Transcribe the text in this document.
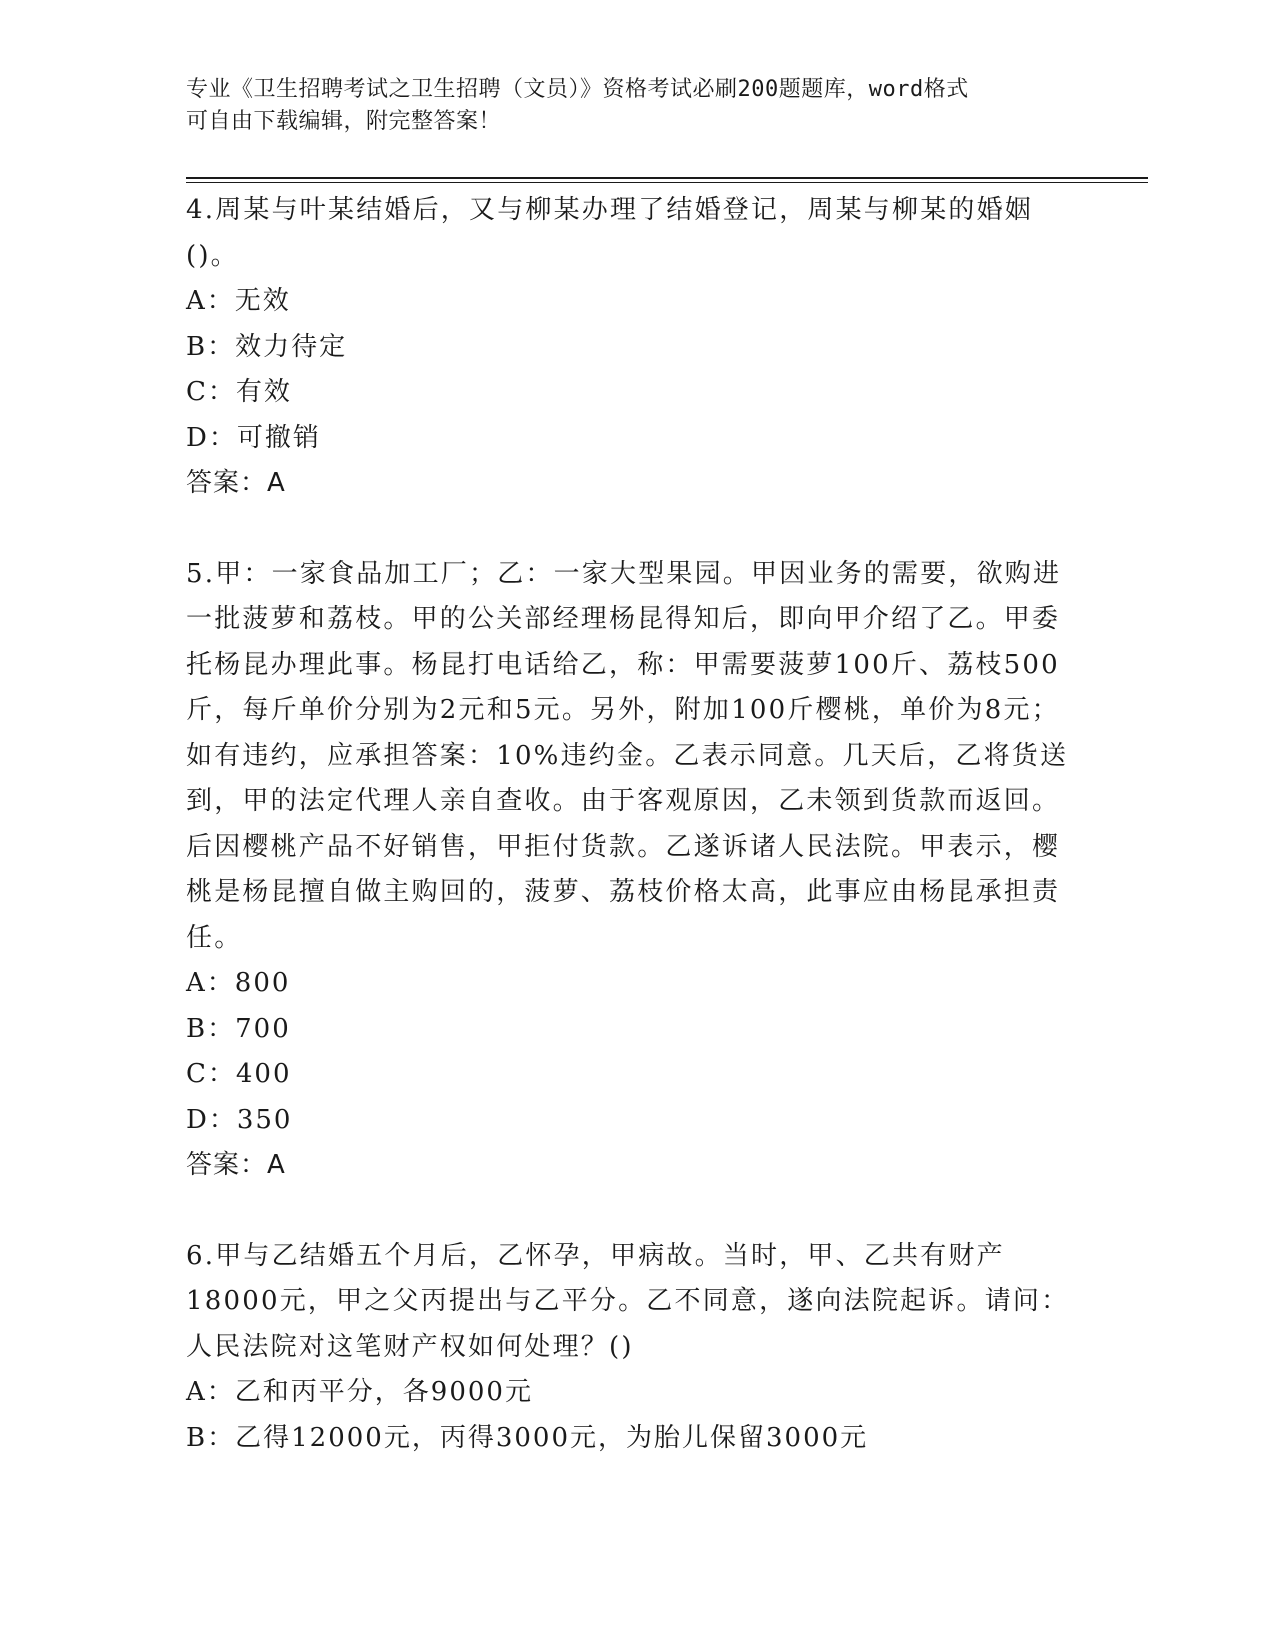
专业《卫生招聘考试之卫生招聘（文员）》资格考试必刷200题题库，word格式
可自由下载编辑，附完整答案！

4.周某与叶某结婚后，又与柳某办理了结婚登记，周某与柳某的婚姻()。

A：无效

B：效力待定

C：有效

D：可撤销

答案：A

5.甲：一家食品加工厂；乙：一家大型果园。甲因业务的需要，欲购进一批菠萝和荔枝。甲的公关部经理杨昆得知后，即向甲介绍了乙。甲委托杨昆办理此事。杨昆打电话给乙，称：甲需要菠萝100斤、荔枝500斤，每斤单价分别为2元和5元。另外，附加100斤樱桃，单价为8元；如有违约，应承担答案：10%违约金。乙表示同意。几天后，乙将货送到，甲的法定代理人亲自查收。由于客观原因，乙未领到货款而返回。后因樱桃产品不好销售，甲拒付货款。乙遂诉诸人民法院。甲表示，樱桃是杨昆擅自做主购回的，菠萝、荔枝价格太高，此事应由杨昆承担责任。

A：800

B：700

C：400

D：350

答案：A

6.甲与乙结婚五个月后，乙怀孕，甲病故。当时，甲、乙共有财产18000元，甲之父丙提出与乙平分。乙不同意，遂向法院起诉。请问：人民法院对这笔财产权如何处理？()

A：乙和丙平分，各9000元

B：乙得12000元，丙得3000元，为胎儿保留3000元
